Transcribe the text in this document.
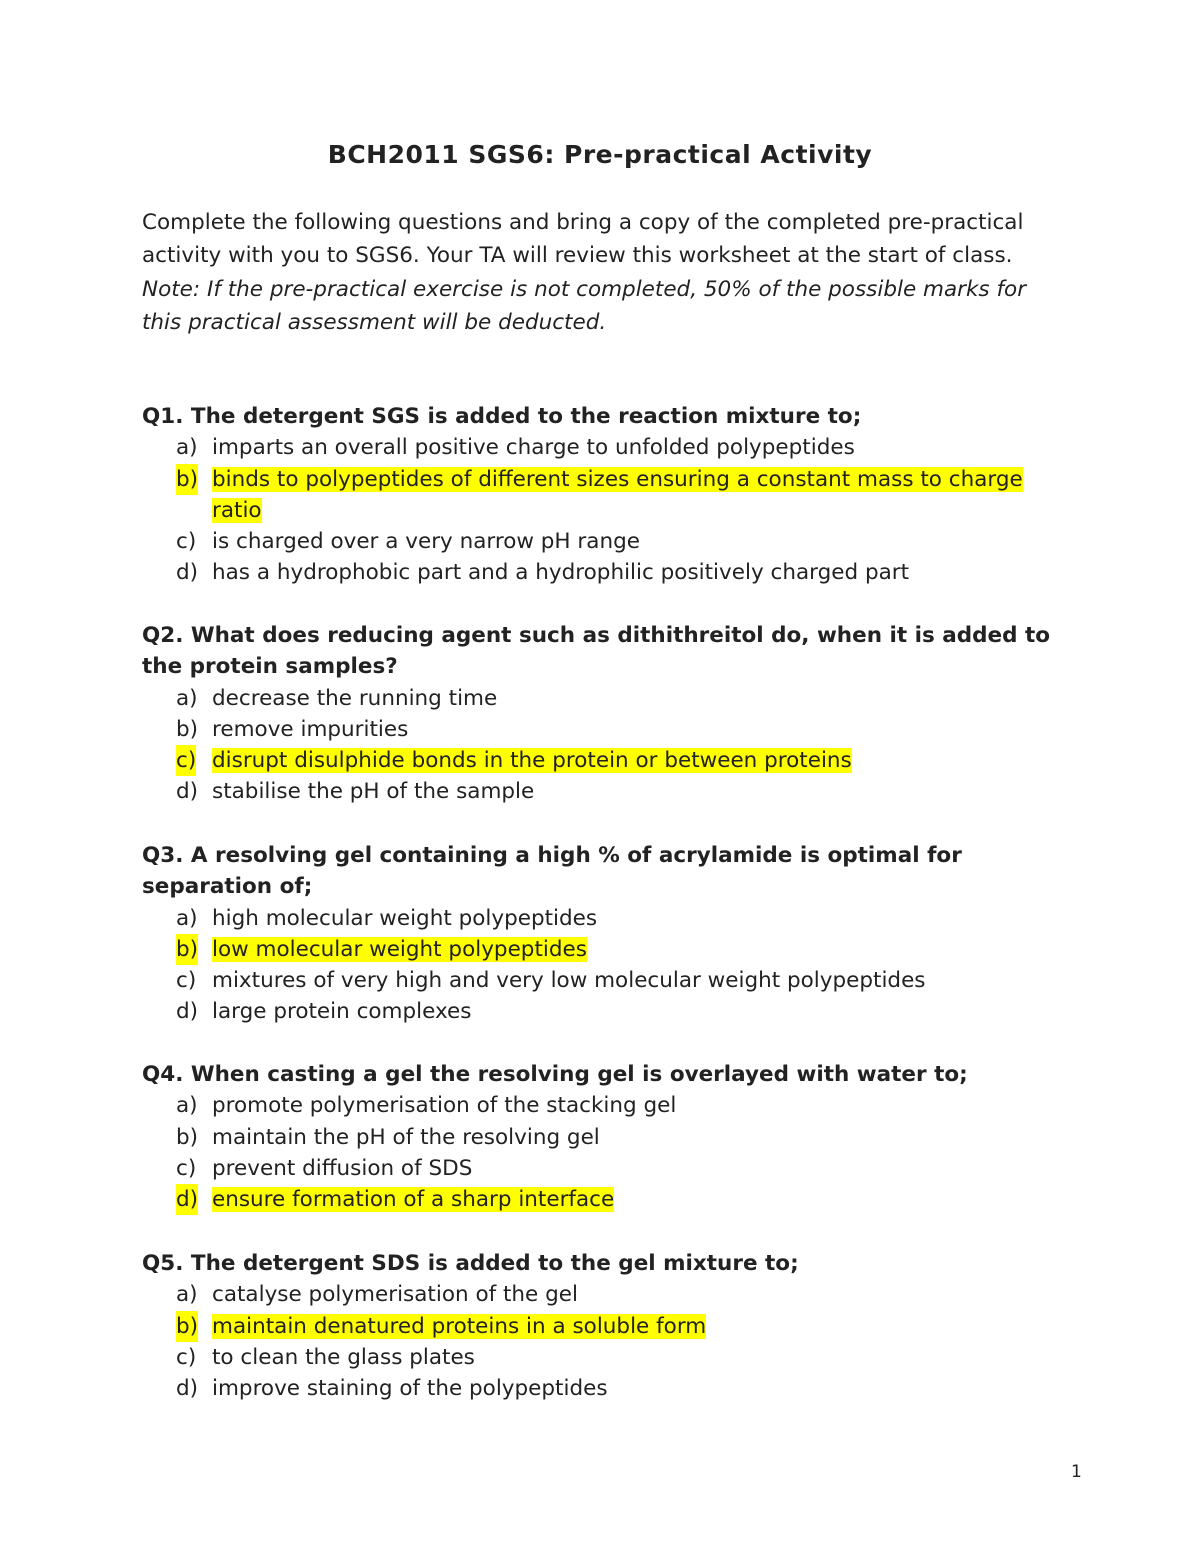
BCH2011 SGS6: Pre-practical Activity

Complete the following questions and bring a copy of the completed pre-practical activity with you to SGS6. Your TA will review this worksheet at the start of class. Note: If the pre-practical exercise is not completed, 50% of the possible marks for this practical assessment will be deducted.

Q1. The detergent SGS is added to the reaction mixture to;

a) imparts an overall positive charge to unfolded polypeptides
b) binds to polypeptides of different sizes ensuring a constant mass to charge ratio
c) is charged over a very narrow pH range
d) has a hydrophobic part and a hydrophilic positively charged part

Q2. What does reducing agent such as dithithreitol do, when it is added to the protein samples?

a) decrease the running time
b) remove impurities
c) disrupt disulphide bonds in the protein or between proteins
d) stabilise the pH of the sample

Q3. A resolving gel containing a high % of acrylamide is optimal for separation of;

a) high molecular weight polypeptides
b) low molecular weight polypeptides
c) mixtures of very high and very low molecular weight polypeptides
d) large protein complexes

Q4. When casting a gel the resolving gel is overlayed with water to;

a) promote polymerisation of the stacking gel
b) maintain the pH of the resolving gel
c) prevent diffusion of SDS
d) ensure formation of a sharp interface

Q5. The detergent SDS is added to the gel mixture to;

a) catalyse polymerisation of the gel
b) maintain denatured proteins in a soluble form
c) to clean the glass plates
d) improve staining of the polypeptides

1
